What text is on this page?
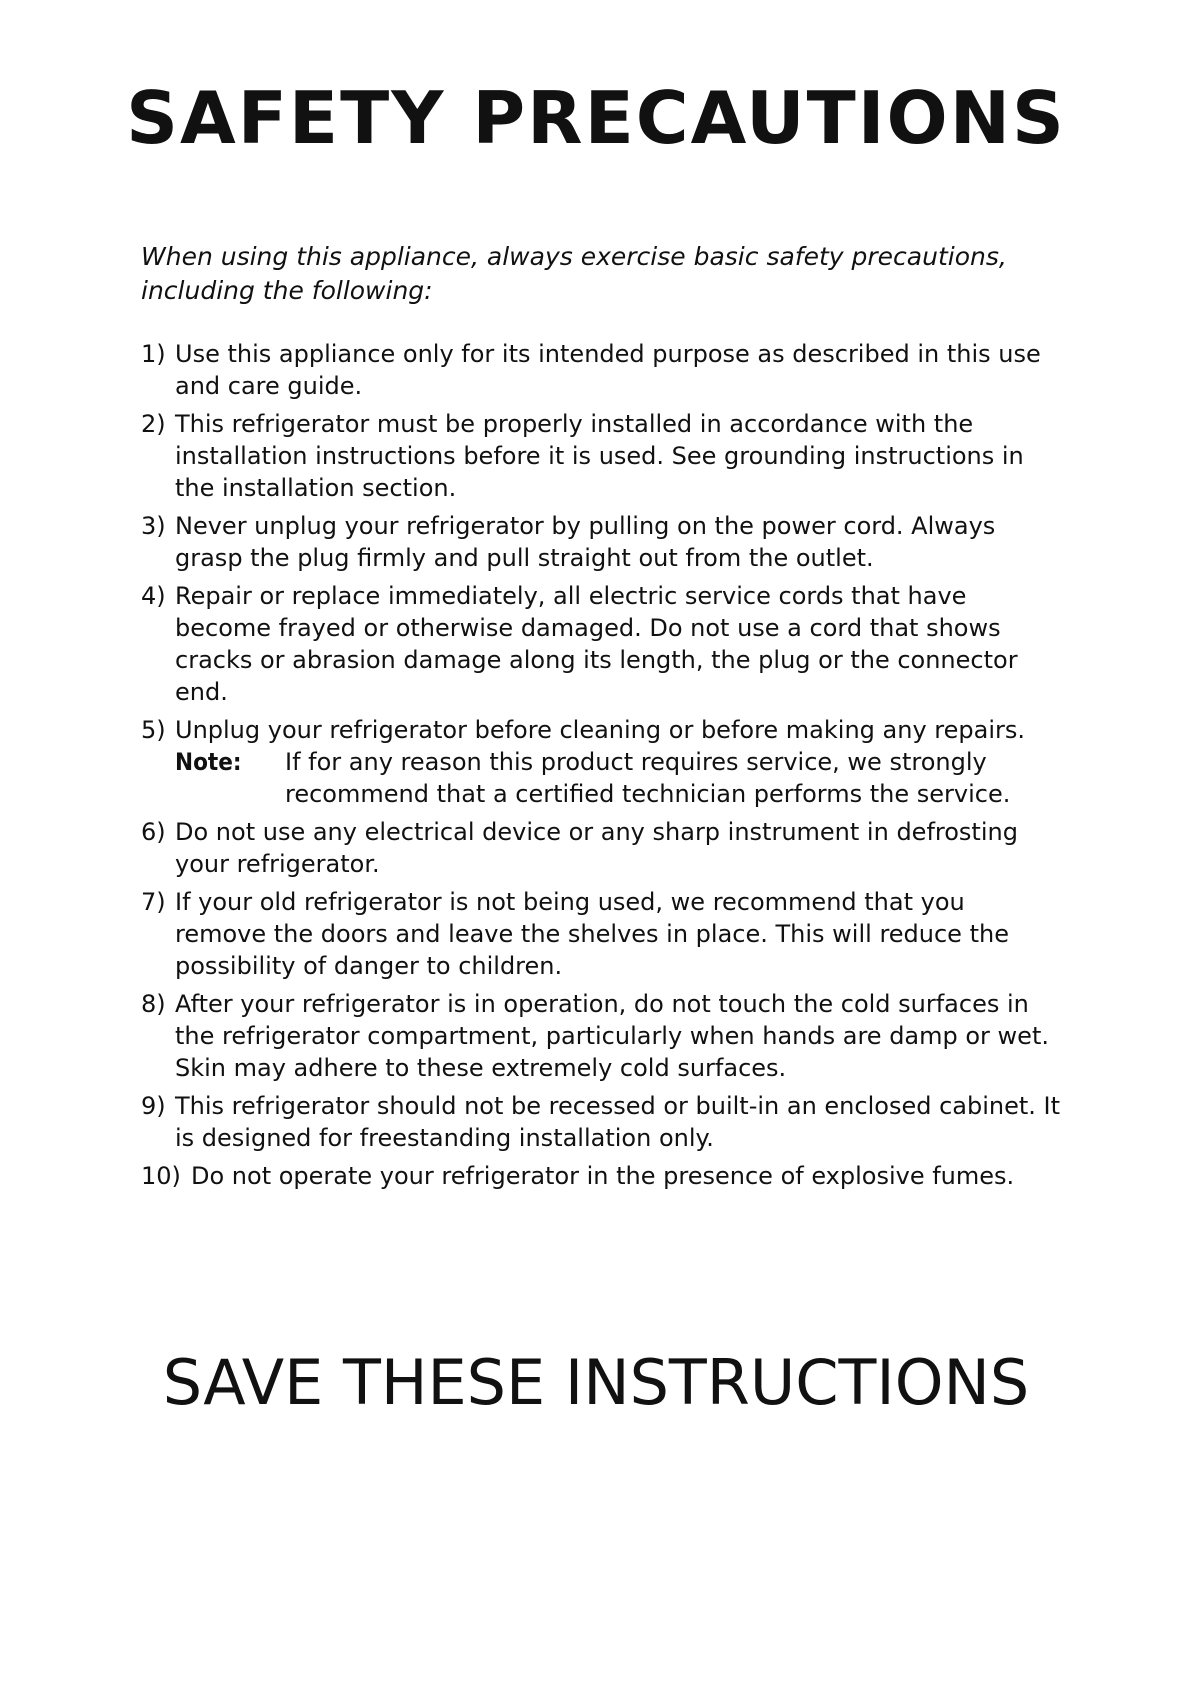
SAFETY PRECAUTIONS

When using this appliance, always exercise basic safety precautions, including the following:

1) Use this appliance only for its intended purpose as described in this use and care guide.
2) This refrigerator must be properly installed in accordance with the installation instructions before it is used. See grounding instructions in the installation section.
3) Never unplug your refrigerator by pulling on the power cord. Always grasp the plug firmly and pull straight out from the outlet.
4) Repair or replace immediately, all electric service cords that have become frayed or otherwise damaged. Do not use a cord that shows cracks or abrasion damage along its length, the plug or the connector end.
5) Unplug your refrigerator before cleaning or before making any repairs.
Note: If for any reason this product requires service, we strongly recommend that a certified technician performs the service.
6) Do not use any electrical device or any sharp instrument in defrosting your refrigerator.
7) If your old refrigerator is not being used, we recommend that you remove the doors and leave the shelves in place. This will reduce the possibility of danger to children.
8) After your refrigerator is in operation, do not touch the cold surfaces in the refrigerator compartment, particularly when hands are damp or wet. Skin may adhere to these extremely cold surfaces.
9) This refrigerator should not be recessed or built-in an enclosed cabinet. It is designed for freestanding installation only.
10) Do not operate your refrigerator in the presence of explosive fumes.
SAVE THESE INSTRUCTIONS
